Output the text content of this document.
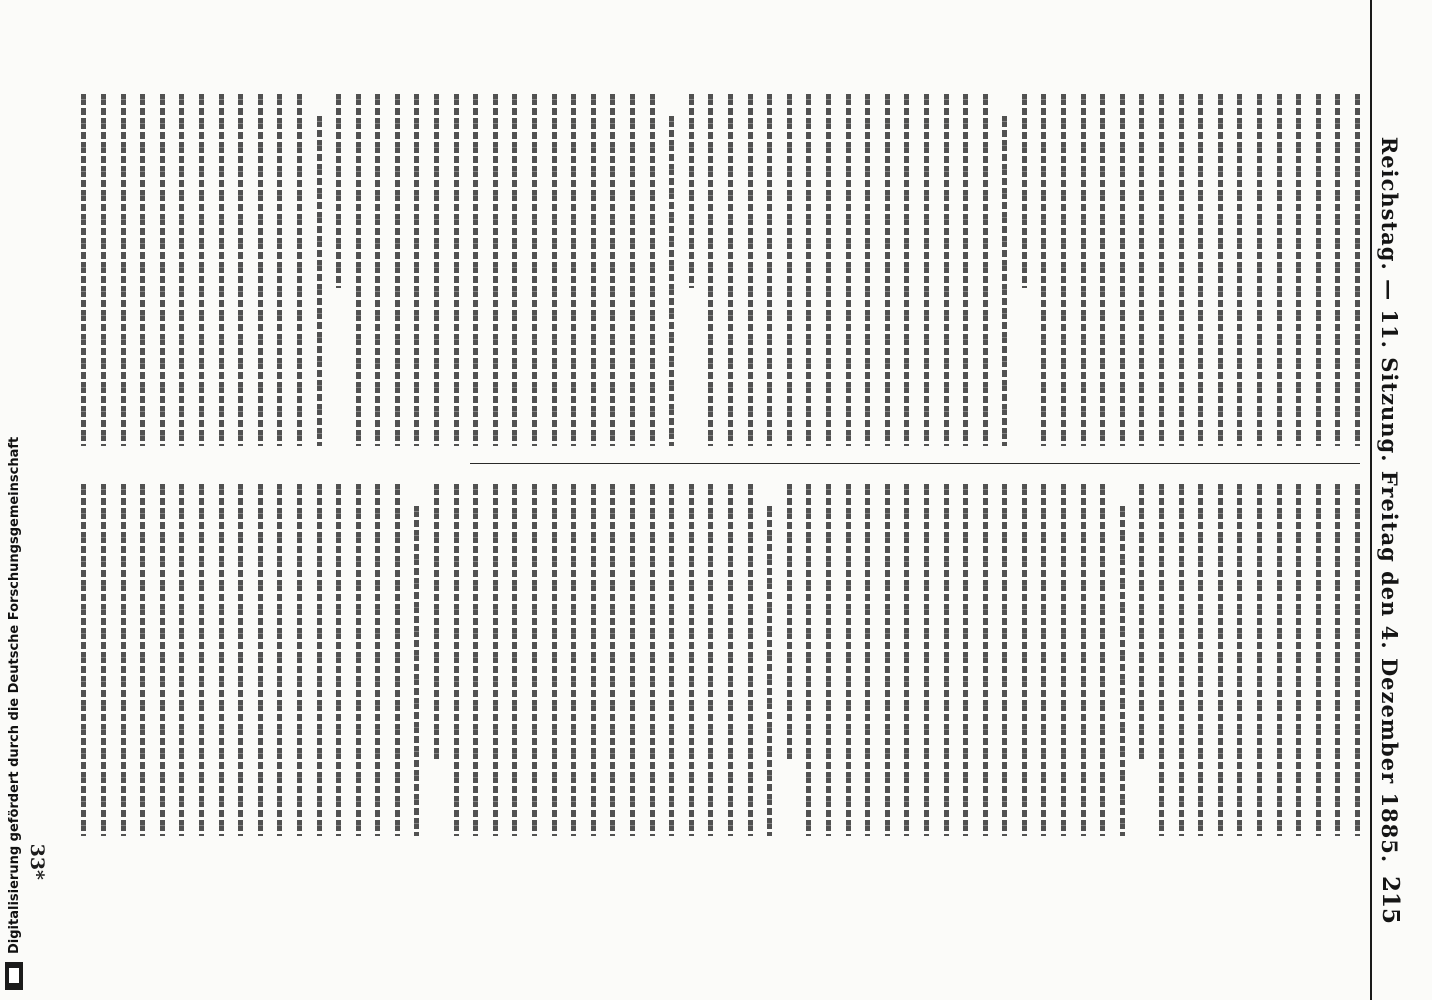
Reichstag. — 11. Sitzung. Freitag den 4. Dezember 1885.
215
33*
Digitalisierung gefördert durch die Deutsche Forschungsgemeinschaft
